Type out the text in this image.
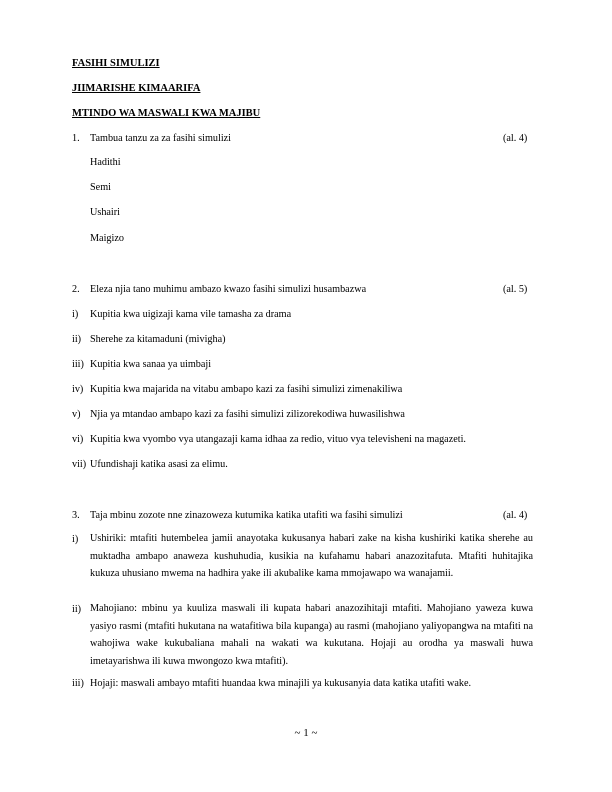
FASIHI SIMULIZI
JIIMARISHE KIMAARIFA
MTINDO WA MASWALI KWA MAJIBU
1. Tambua tanzu za za fasihi simulizi	(al. 4)
Hadithi
Semi
Ushairi
Maigizo
2. Eleza njia tano muhimu ambazo kwazo fasihi simulizi husambazwa	(al. 5)
i) Kupitia kwa uigizaji kama vile tamasha za drama
ii) Sherehe za kitamaduni (mivigha)
iii) Kupitia kwa sanaa ya uimbaji
iv) Kupitia kwa majarida na vitabu ambapo kazi za fasihi simulizi zimenakiliwa
v) Njia ya mtandao ambapo kazi za fasihi simulizi zilizorekodiwa huwasilishwa
vi) Kupitia kwa vyombo vya utangazaji kama idhaa za redio, vituo vya televisheni na magazeti.
vii) Ufundishaji katika asasi za elimu.
3. Taja mbinu zozote nne zinazoweza kutumika katika utafiti wa fasihi simulizi	(al. 4)
i) Ushiriki: mtafiti hutembelea jamii anayotaka kukusanya habari zake na kisha kushiriki katika sherehe au muktadha ambapo anaweza kushuhudia, kusikia na kufahamu habari anazozitafuta. Mtafiti huhitajika kukuza uhusiano mwema na hadhira yake ili akubalike kama mmojawapo wa wanajamii.
ii) Mahojiano: mbinu ya kuuliza maswali ili kupata habari anazozihitaji mtafiti. Mahojiano yaweza kuwa yasiyo rasmi (mtafiti hukutana na watafitiwa bila kupanga) au rasmi (mahojiano yaliyopangwa na mtafiti na wahojiwa wake kukubaliana mahali na wakati wa kukutana. Hojaji au orodha ya maswali huwa imetayarishwa ili kuwa mwongozo kwa mtafiti).
iii) Hojaji: maswali ambayo mtafiti huandaa kwa minajili ya kukusanyia data katika utafiti wake.
~ 1 ~
